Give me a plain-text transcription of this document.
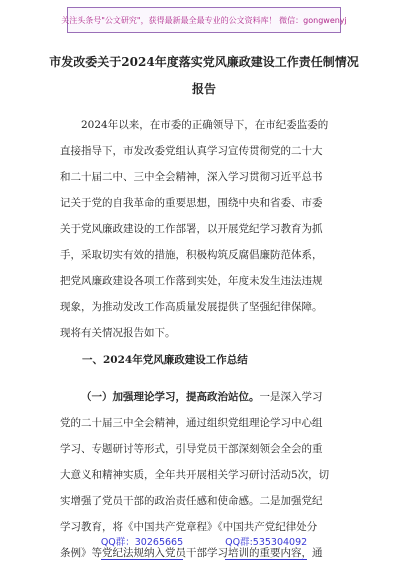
关注头条号"公文研究"，获得最新最全最专业的公文资料库！ 微信：gongwenyj
市发改委关于2024年度落实党风廉政建设工作责任制情况
报告
　　2024年以来，在市委的正确领导下，在市纪委监委的
直接指导下，市发改委党组认真学习宣传贯彻党的二十大
和二十届二中、三中全会精神，深入学习贯彻习近平总书
记关于党的自我革命的重要思想，围绕中央和省委、市委
关于党风廉政建设的工作部署，以开展党纪学习教育为抓
手，采取切实有效的措施，积极构筑反腐倡廉防范体系，
把党风廉政建设各项工作落到实处，年度未发生违法违规
现象，为推动发改工作高质量发展提供了坚强纪律保障。
现将有关情况报告如下。
一、2024年党风廉政建设工作总结
（一）加强理论学习，提高政治站位。一是深入学习
党的二十届三中全会精神，通过组织党组理论学习中心组
学习、专题研讨等形式，引导党员干部深刻领会全会的重
大意义和精神实质，全年共开展相关学习研讨活动5次，切
实增强了党员干部的政治责任感和使命感。二是加强党纪
学习教育，将《中国共产党章程》《中国共产党纪律处分
条例》等党纪法规纳入党员干部学习培训的重要内容，通
QQ群：30265665	QQ群:535304092
